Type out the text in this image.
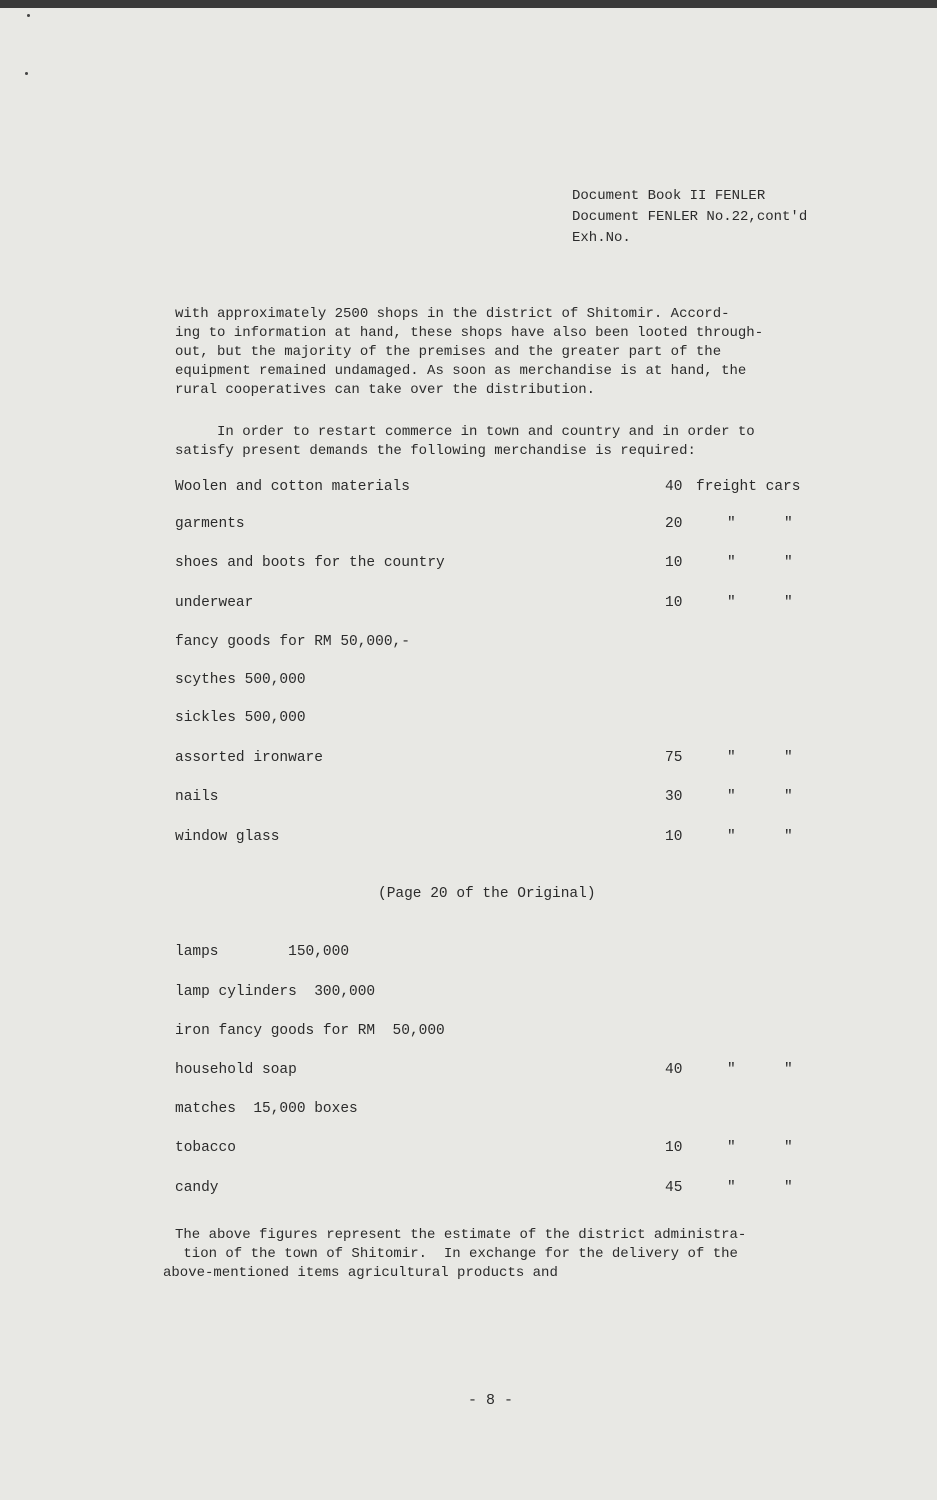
Document Book II FENLER
Document FENLER No.22,cont'd
Exh.No.
with approximately 2500 shops in the district of Shitomir. Accord-
ing to information at hand, these shops have also been looted through-
out, but the majority of the premises and the greater part of the
equipment remained undamaged. As soon as merchandise is at hand, the
rural cooperatives can take over the distribution.
In order to restart commerce in town and country and in order to
satisfy present demands the following merchandise is required:
Woolen and cotton materials	40 freight cars
garments	20	"	"
shoes and boots for the country	10	"	"
underwear	10	"	"
fancy goods for RM 50,000,-
scythes 500,000
sickles 500,000
assorted ironware	75	"	"
nails	30	"	"
window glass	10	"	"
(Page 20 of the Original)
lamps        150,000
lamp cylinders  300,000
iron fancy goods for RM  50,000
household soap	40	"	"
matches  15,000 boxes
tobacco	10	"	"
candy	45	"	"
The above figures represent the estimate of the district administra-
tion of the town of Shitomir.  In exchange for the delivery of the
above-mentioned items agricultural products and
- 8 -
